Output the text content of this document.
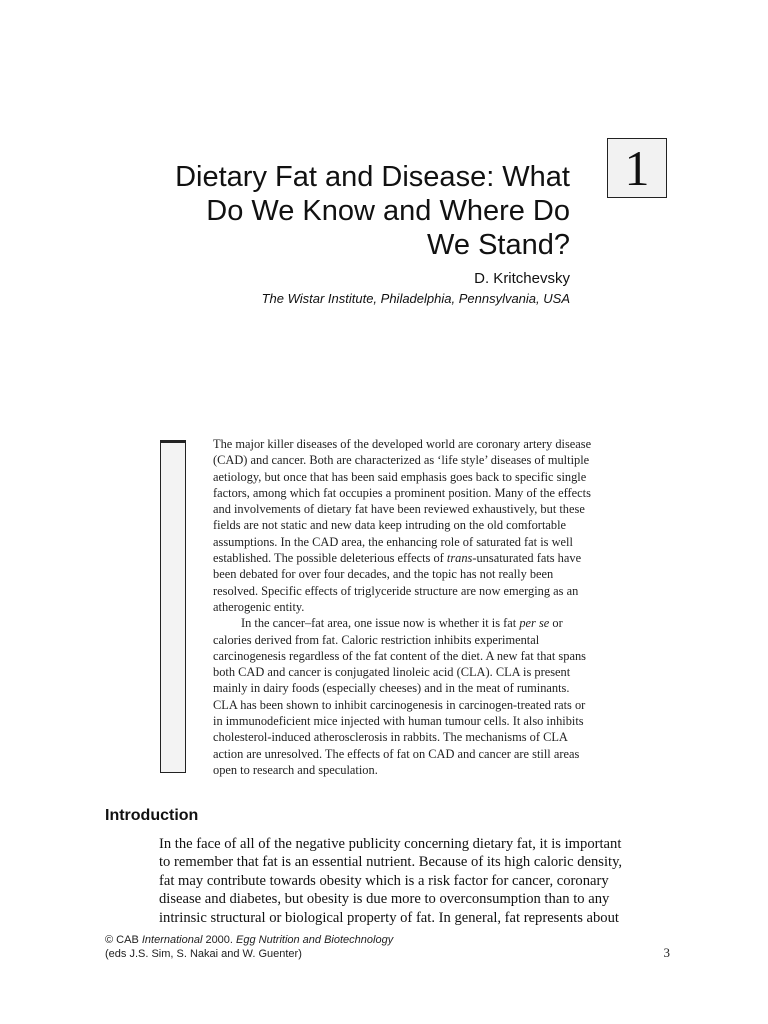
1
Dietary Fat and Disease: What
Do We Know and Where Do
We Stand?
D. Kritchevsky
The Wistar Institute, Philadelphia, Pennsylvania, USA

The major killer diseases of the developed world are coronary artery disease
(CAD) and cancer. Both are characterized as ‘life style’ diseases of multiple
aetiology, but once that has been said emphasis goes back to specific single
factors, among which fat occupies a prominent position. Many of the effects
and involvements of dietary fat have been reviewed exhaustively, but these
fields are not static and new data keep intruding on the old comfortable
assumptions. In the CAD area, the enhancing role of saturated fat is well
established. The possible deleterious effects of trans-unsaturated fats have
been debated for over four decades, and the topic has not really been
resolved. Specific effects of triglyceride structure are now emerging as an
atherogenic entity.

In the cancer–fat area, one issue now is whether it is fat per se or
calories derived from fat. Caloric restriction inhibits experimental
carcinogenesis regardless of the fat content of the diet. A new fat that spans
both CAD and cancer is conjugated linoleic acid (CLA). CLA is present
mainly in dairy foods (especially cheeses) and in the meat of ruminants.
CLA has been shown to inhibit carcinogenesis in carcinogen-treated rats or
in immunodeficient mice injected with human tumour cells. It also inhibits
cholesterol-induced atherosclerosis in rabbits. The mechanisms of CLA
action are unresolved. The effects of fat on CAD and cancer are still areas
open to research and speculation.

Introduction
In the face of all of the negative publicity concerning dietary fat, it is important
to remember that fat is an essential nutrient. Because of its high caloric density,
fat may contribute towards obesity which is a risk factor for cancer, coronary
disease and diabetes, but obesity is due more to overconsumption than to any
intrinsic structural or biological property of fat. In general, fat represents about
© CAB International 2000. Egg Nutrition and Biotechnology
(eds J.S. Sim, S. Nakai and W. Guenter)	3
